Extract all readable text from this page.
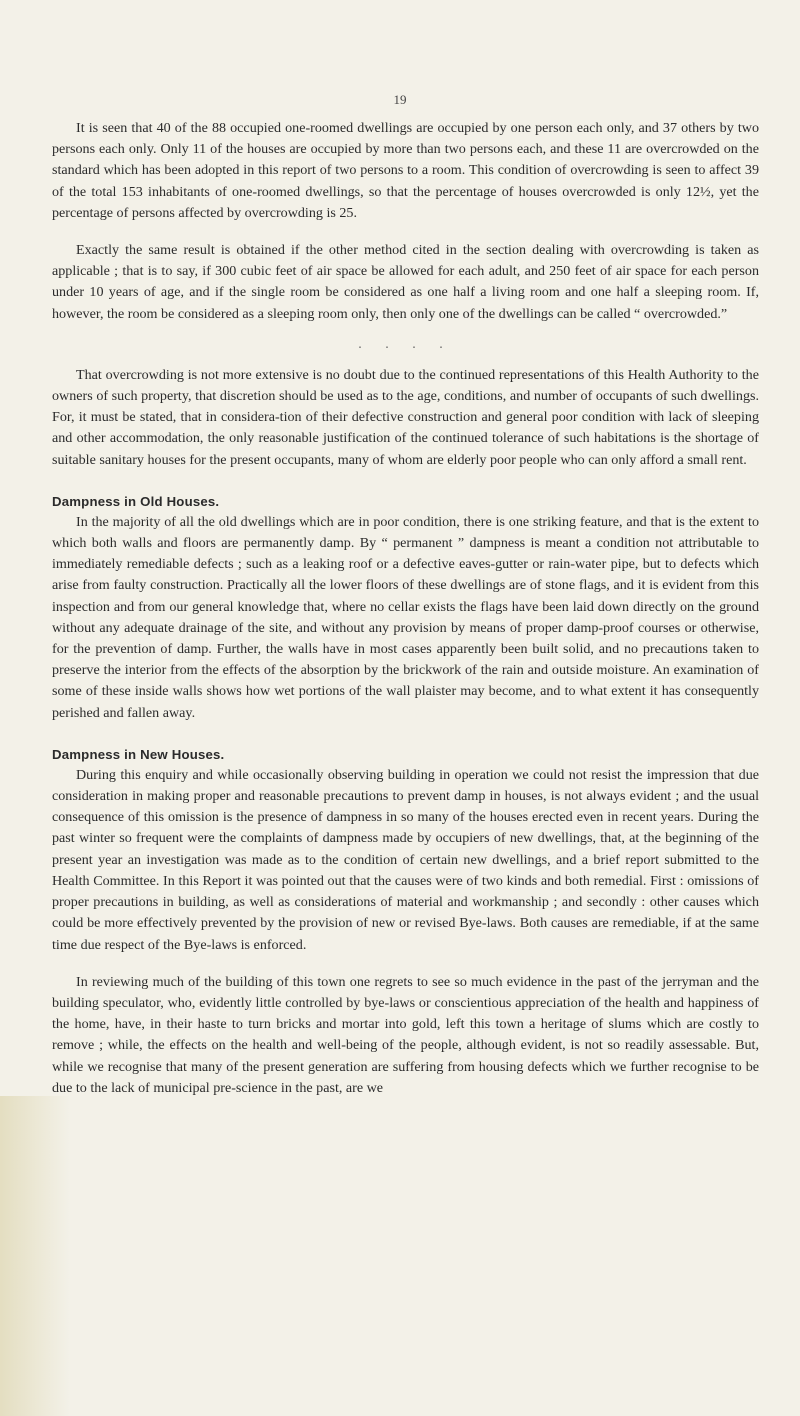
19

It is seen that 40 of the 88 occupied one-roomed dwellings are occupied by one person each only, and 37 others by two persons each only. Only 11 of the houses are occupied by more than two persons each, and these 11 are overcrowded on the standard which has been adopted in this report of two persons to a room. This condition of overcrowding is seen to affect 39 of the total 153 inhabitants of one-roomed dwellings, so that the percentage of houses overcrowded is only 12½, yet the percentage of persons affected by overcrowding is 25.

Exactly the same result is obtained if the other method cited in the section dealing with overcrowding is taken as applicable ; that is to say, if 300 cubic feet of air space be allowed for each adult, and 250 feet of air space for each person under 10 years of age, and if the single room be considered as one half a living room and one half a sleeping room. If, however, the room be considered as a sleeping room only, then only one of the dwellings can be called “ overcrowded.”

. . . .

That overcrowding is not more extensive is no doubt due to the continued representations of this Health Authority to the owners of such property, that discretion should be used as to the age, conditions, and number of occupants of such dwellings. For, it must be stated, that in considera-tion of their defective construction and general poor condition with lack of sleeping and other accommodation, the only reasonable justification of the continued tolerance of such habitations is the shortage of suitable sanitary houses for the present occupants, many of whom are elderly poor people who can only afford a small rent.

Dampness in Old Houses.

In the majority of all the old dwellings which are in poor condition, there is one striking feature, and that is the extent to which both walls and floors are permanently damp. By “ permanent ” dampness is meant a condition not attributable to immediately remediable defects ; such as a leaking roof or a defective eaves-gutter or rain-water pipe, but to defects which arise from faulty construction. Practically all the lower floors of these dwellings are of stone flags, and it is evident from this inspection and from our general knowledge that, where no cellar exists the flags have been laid down directly on the ground without any adequate drainage of the site, and without any provision by means of proper damp-proof courses or otherwise, for the prevention of damp. Further, the walls have in most cases apparently been built solid, and no precautions taken to preserve the interior from the effects of the absorption by the brickwork of the rain and outside moisture. An examination of some of these inside walls shows how wet portions of the wall plaister may become, and to what extent it has consequently perished and fallen away.

Dampness in New Houses.

During this enquiry and while occasionally observing building in operation we could not resist the impression that due consideration in making proper and reasonable precautions to prevent damp in houses, is not always evident ; and the usual consequence of this omission is the presence of dampness in so many of the houses erected even in recent years. During the past winter so frequent were the complaints of dampness made by occupiers of new dwellings, that, at the beginning of the present year an investigation was made as to the condition of certain new dwellings, and a brief report submitted to the Health Committee. In this Report it was pointed out that the causes were of two kinds and both remedial. First : omissions of proper precautions in building, as well as considerations of material and workmanship ; and secondly : other causes which could be more effectively prevented by the provision of new or revised Bye-laws. Both causes are remediable, if at the same time due respect of the Bye-laws is enforced.

In reviewing much of the building of this town one regrets to see so much evidence in the past of the jerryman and the building speculator, who, evidently little controlled by bye-laws or conscientious appreciation of the health and happiness of the home, have, in their haste to turn bricks and mortar into gold, left this town a heritage of slums which are costly to remove ; while, the effects on the health and well-being of the people, although evident, is not so readily assessable. But, while we recognise that many of the present generation are suffering from housing defects which we further recognise to be due to the lack of municipal pre-science in the past, are we
